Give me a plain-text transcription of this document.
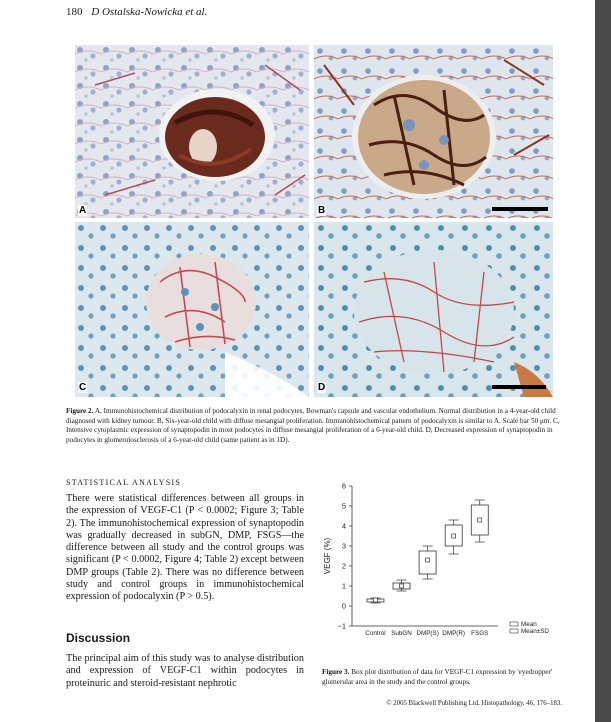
180 D Ostalska-Nowicka et al.
A	B
C	D
Figure 2. A, Immunohistochemical distribution of podocalyxin in renal podocytes, Bowman's capsule and vascular endothelium. Normal distribution in a 4-year-old child diagnosed with kidney tumour. B, Six-year-old child with diffuse mesangial proliferation. Immunohistochemical pattern of podocalyxin is similar to A. Scale bar 50 μm. C, Intensive cytoplasmic expression of synaptopodin in most podocytes in diffuse mesangial proliferation of a 6-year-old child. D, Decreased expression of synaptopodin in podocytes in glomerulosclerosis of a 6-year-old child (same patient as in 1D).
STATISTICAL ANALYSIS
There were statistical differences between all groups in the expression of VEGF-C1 (P < 0.0002; Figure 3; Table 2). The immunohistochemical expression of synaptopodin was gradually decreased in subGN, DMP, FSGS—the difference between all study and the control groups was significant (P < 0.0002, Figure 4; Table 2) except between DMP groups (Table 2). There was no difference between study and control groups in immunohistochemical expression of podocalyxin (P > 0.5).
Discussion
The principal aim of this study was to analyse distribution and expression of VEGF-C1 within podocytes in proteinuric and steroid-resistant nephrotic
−1
0
1
2
3
4
5
6
VEGF (%)
Control SubGN DMP(S) DMP(R) FSGS
Mean
Mean±SD
Figure 3. Box plot distribution of data for VEGF-C1 expression by 'eyedropper' glomerular area in the study and the control groups.
© 2005 Blackwell Publishing Ltd, Histopathology, 46, 176–183.
